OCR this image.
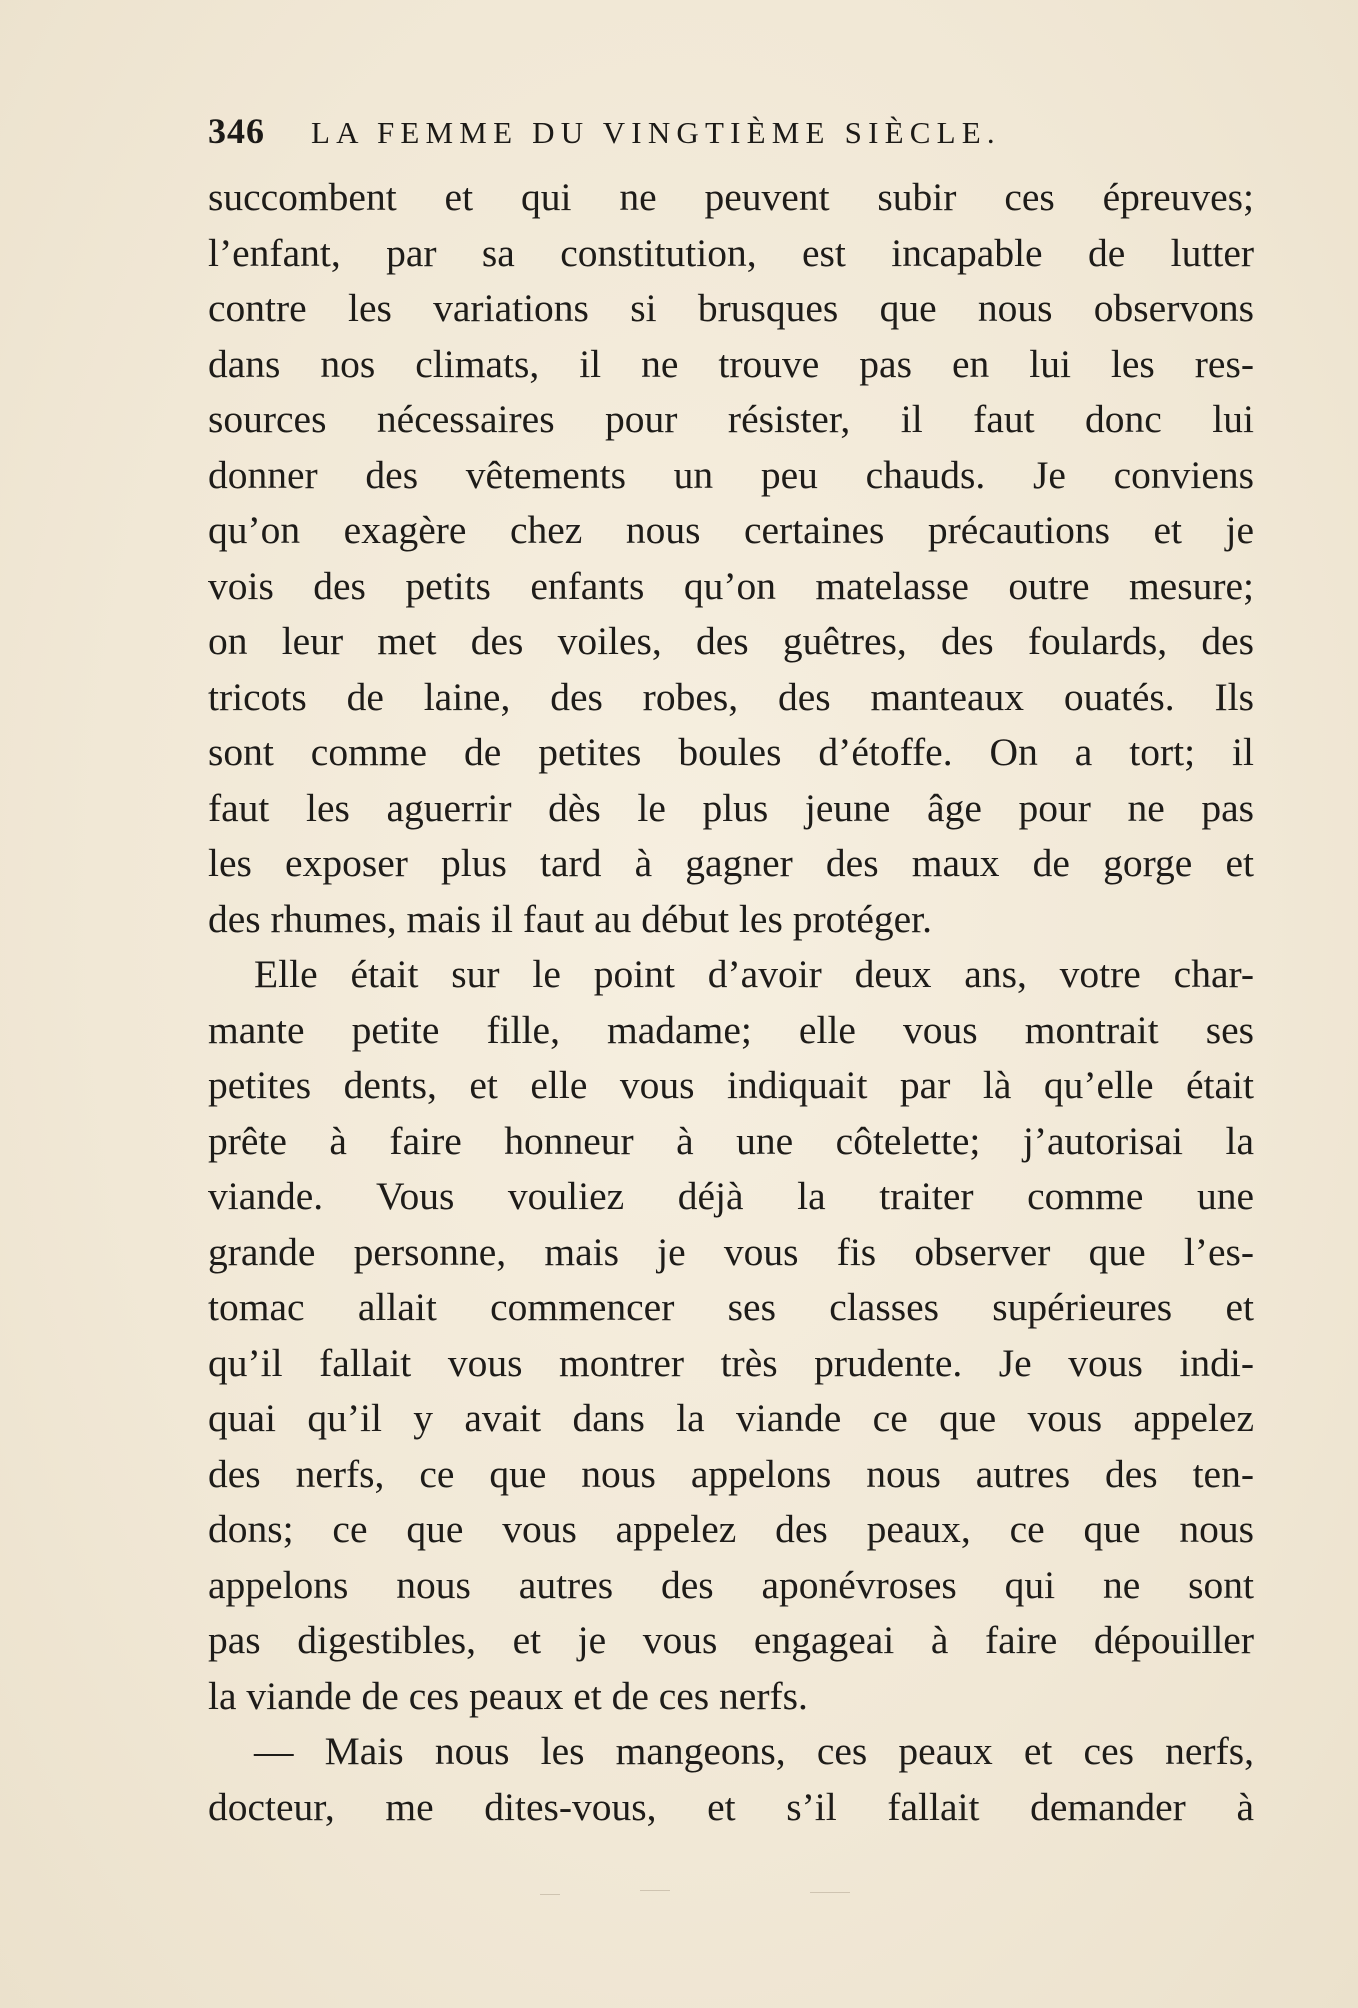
346 LA FEMME DU VINGTIÈME SIÈCLE.
succombent et qui ne peuvent subir ces épreuves;
l’enfant, par sa constitution, est incapable de lutter
contre les variations si brusques que nous observons
dans nos climats, il ne trouve pas en lui les res-
sources nécessaires pour résister, il faut donc lui
donner des vêtements un peu chauds. Je conviens
qu’on exagère chez nous certaines précautions et je
vois des petits enfants qu’on matelasse outre mesure;
on leur met des voiles, des guêtres, des foulards, des
tricots de laine, des robes, des manteaux ouatés. Ils
sont comme de petites boules d’étoffe. On a tort; il
faut les aguerrir dès le plus jeune âge pour ne pas
les exposer plus tard à gagner des maux de gorge et
des rhumes, mais il faut au début les protéger.
Elle était sur le point d’avoir deux ans, votre char-
mante petite fille, madame; elle vous montrait ses
petites dents, et elle vous indiquait par là qu’elle était
prête à faire honneur à une côtelette; j’autorisai la
viande. Vous vouliez déjà la traiter comme une
grande personne, mais je vous fis observer que l’es-
tomac allait commencer ses classes supérieures et
qu’il fallait vous montrer très prudente. Je vous indi-
quai qu’il y avait dans la viande ce que vous appelez
des nerfs, ce que nous appelons nous autres des ten-
dons; ce que vous appelez des peaux, ce que nous
appelons nous autres des aponévroses qui ne sont
pas digestibles, et je vous engageai à faire dépouiller
la viande de ces peaux et de ces nerfs.
— Mais nous les mangeons, ces peaux et ces nerfs,
docteur, me dites-vous, et s’il fallait demander à
